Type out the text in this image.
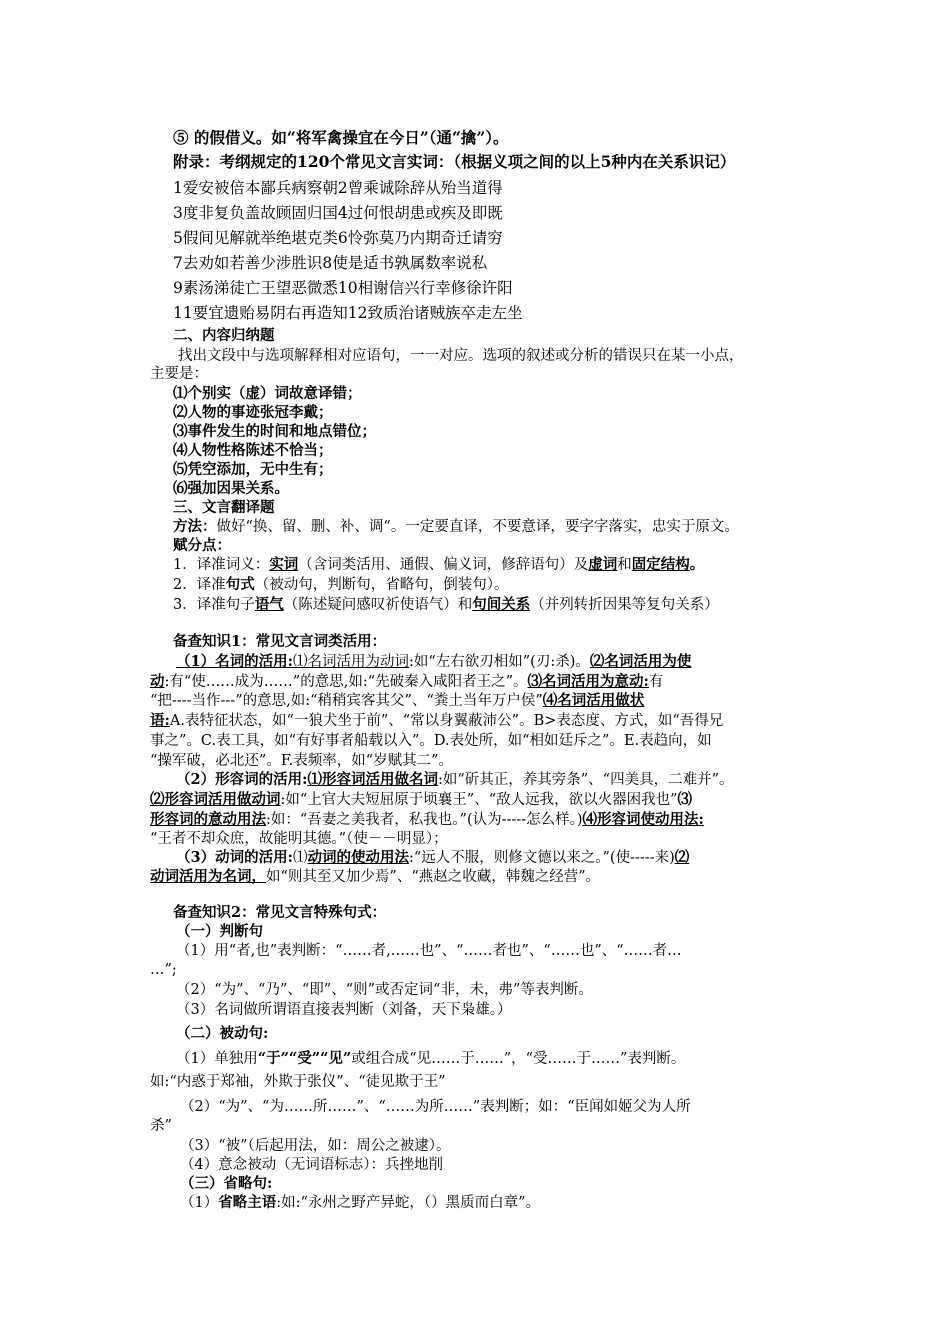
⑤ 的假借义。如“将军禽操宜在今日”（通“擒”）。
附录：考纲规定的120个常见文言实词：（根据义项之间的以上5种内在关系识记）
1爱安被倍本鄙兵病察朝2曾乘诚除辞从殆当道得
3度非复负盖故顾固归国4过何恨胡患或疾及即既
5假间见解就举绝堪克类6怜弥莫乃内期奇迁请穷
7去劝如若善少涉胜识8使是适书孰属数率说私
9素汤涕徒亡王望恶微悉10相谢信兴行幸修徐许阳
11要宜遗贻易阴右再造知12致质治诸贼族卒走左坐
二、内容归纳题
找出文段中与选项解释相对应语句，一一对应。选项的叙述或分析的错误只在某一小点，
主要是：
⑴个别实（虚）词故意译错；
⑵人物的事迹张冠李戴；
⑶事件发生的时间和地点错位；
⑷人物性格陈述不恰当；
⑸凭空添加，无中生有；
⑹强加因果关系。
三、文言翻译题
方法：做好“换、留、删、补、调“。一定要直译，不要意译，要字字落实，忠实于原文。
赋分点：
1．译准词义：实词（含词类活用、通假、偏义词，修辞语句）及虚词和固定结构。
2．译准句式（被动句，判断句，省略句，倒装句）。
3．译准句子语气（陈述疑问感叹祈使语气）和句间关系（并列转折因果等复句关系）
备查知识1：常见文言词类活用：
（1）名词的活用:⑴名词活用为动词:如“左右欲刃相如”(刃:杀)。⑵名词活用为使
动:有“使……成为……”的意思,如:“先破秦入咸阳者王之”。⑶名词活用为意动:有
“把----当作---”的意思,如:“稍稍宾客其父”、“粪土当年万户侯”⑷名词活用做状
语:A.表特征状态，如“一狼犬坐于前”、“常以身翼蔽沛公”。B>表态度、方式，如“吾得兄
事之”。C.表工具，如“有好事者船载以入”。D.表处所，如“相如廷斥之”。E.表趋向，如
“操军破，必北还”。F.表频率，如“岁赋其二”。
（2）形容词的活用:⑴形容词活用做名词:如“斫其正，养其旁条”、“四美具，二难并”。
⑵形容词活用做动词:如“上官大夫短屈原于顷襄王”、“敌人远我，欲以火器困我也”⑶
形容词的意动用法:如：“吾妻之美我者，私我也。”(认为-----怎么样。)⑷形容词使动用法:
“王者不却众庶，故能明其德。”（使－－明显）；
（3）动词的活用:⑴动词的使动用法:“远人不服，则修文德以来之。”(使-----来)⑵
动词活用为名词，如“则其至又加少焉”、“燕赵之收藏，韩魏之经营”。
备查知识2：常见文言特殊句式：
（一）判断句
（1）用“者,也”表判断：“……者,……也”、“……者也”、“……也”、“……者…
…”;
（2）“为”、“乃”、“即”、“则”或否定词“非，未，弗”等表判断。
（3）名词做所谓语直接表判断（刘备，天下枭雄。）
（二）被动句:
（1）单独用“于”“受”“见”或组合成“见……于……”，“受……于……”表判断。
如:“内惑于郑袖，外欺于张仪”、“徒见欺于王”
（2）“为”、“为……所……”、“……为所……”表判断；如：“臣闻如姬父为人所
杀”
（3）“被”（后起用法，如：周公之被逮）。
（4）意念被动（无词语标志）：兵挫地削
（三）省略句:
（1）省略主语:如:“永州之野产异蛇，（）黑质而白章”。
